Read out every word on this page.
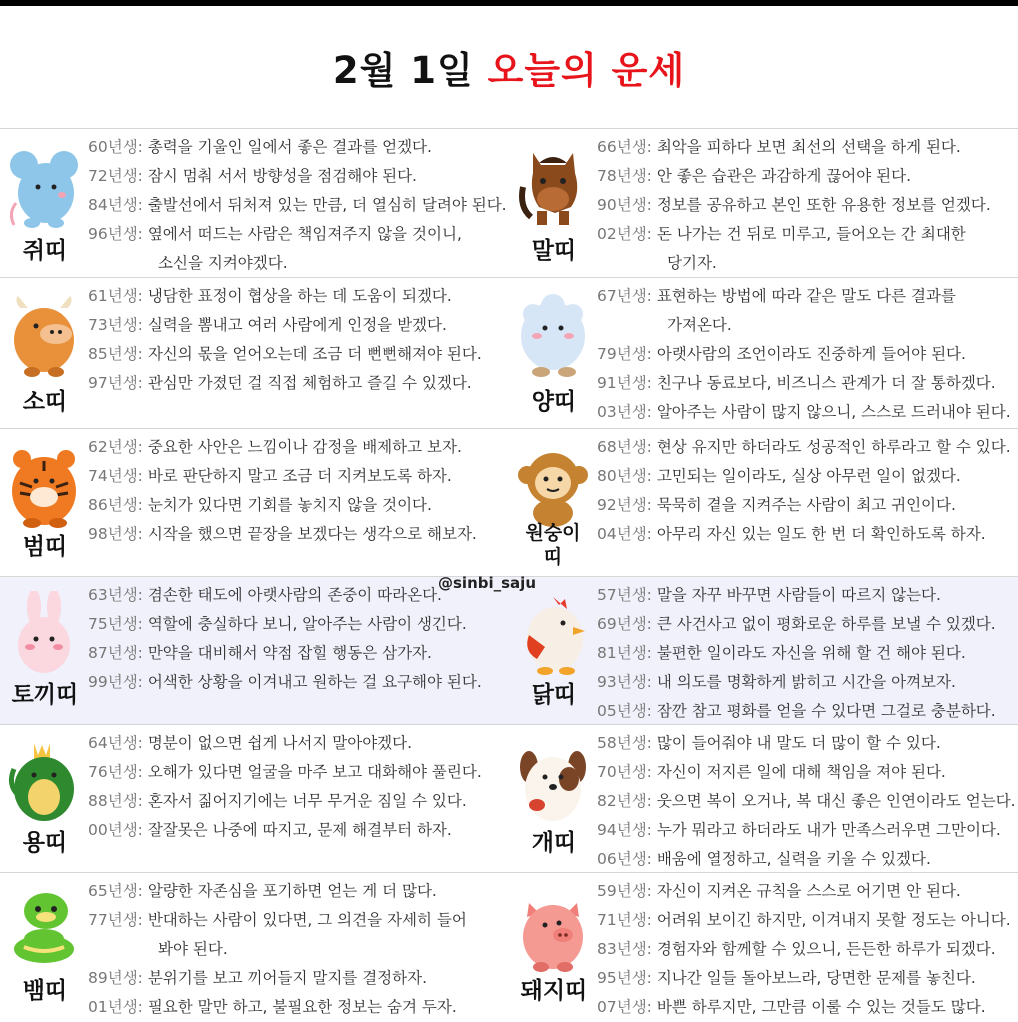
2월 1일 오늘의 운세
쥐띠
60년생: 총력을 기울인 일에서 좋은 결과를 얻겠다.
72년생: 잠시 멈춰 서서 방향성을 점검해야 된다.
84년생: 출발선에서 뒤처져 있는 만큼, 더 열심히 달려야 된다.
96년생: 옆에서 떠드는 사람은 책임져주지 않을 것이니,
소신을 지켜야겠다.	말띠
66년생: 최악을 피하다 보면 최선의 선택을 하게 된다.
78년생: 안 좋은 습관은 과감하게 끊어야 된다.
90년생: 정보를 공유하고 본인 또한 유용한 정보를 얻겠다.
02년생: 돈 나가는 건 뒤로 미루고, 들어오는 간 최대한
당기자.
소띠
61년생: 냉담한 표정이 협상을 하는 데 도움이 되겠다.
73년생: 실력을 뽐내고 여러 사람에게 인정을 받겠다.
85년생: 자신의 몫을 얻어오는데 조금 더 뻔뻔해져야 된다.
97년생: 관심만 가졌던 걸 직접 체험하고 즐길 수 있겠다.
양띠
67년생: 표현하는 방법에 따라 같은 말도 다른 결과를
가져온다.
79년생: 아랫사람의 조언이라도 진중하게 들어야 된다.
91년생: 친구나 동료보다, 비즈니스 관계가 더 잘 통하겠다.
03년생: 알아주는 사람이 많지 않으니, 스스로 드러내야 된다.
범띠
62년생: 중요한 사안은 느낌이나 감정을 배제하고 보자.
74년생: 바로 판단하지 말고 조금 더 지켜보도록 하자.
86년생: 눈치가 있다면 기회를 놓치지 않을 것이다.
98년생: 시작을 했으면 끝장을 보겠다는 생각으로 해보자.	원숭이띠
68년생: 현상 유지만 하더라도 성공적인 하루라고 할 수 있다.
80년생: 고민되는 일이라도, 실상 아무런 일이 없겠다.
92년생: 묵묵히 곁을 지켜주는 사람이 최고 귀인이다.
04년생: 아무리 자신 있는 일도 한 번 더 확인하도록 하자.
토끼띠
63년생: 겸손한 태도에 아랫사람의 존중이 따라온다.
75년생: 역할에 충실하다 보니, 알아주는 사람이 생긴다.
87년생: 만약을 대비해서 약점 잡힐 행동은 삼가자.
99년생: 어색한 상황을 이겨내고 원하는 걸 요구해야 된다.	닭띠
57년생: 말을 자꾸 바꾸면 사람들이 따르지 않는다.
69년생: 큰 사건사고 없이 평화로운 하루를 보낼 수 있겠다.
81년생: 불편한 일이라도 자신을 위해 할 건 해야 된다.
93년생: 내 의도를 명확하게 밝히고 시간을 아껴보자.
05년생: 잠깐 참고 평화를 얻을 수 있다면 그걸로 충분하다.
용띠
64년생: 명분이 없으면 쉽게 나서지 말아야겠다.
76년생: 오해가 있다면 얼굴을 마주 보고 대화해야 풀린다.
88년생: 혼자서 짊어지기에는 너무 무거운 짐일 수 있다.
00년생: 잘잘못은 나중에 따지고, 문제 해결부터 하자.	개띠
58년생: 많이 들어줘야 내 말도 더 많이 할 수 있다.
70년생: 자신이 저지른 일에 대해 책임을 져야 된다.
82년생: 웃으면 복이 오거나, 복 대신 좋은 인연이라도 얻는다.
94년생: 누가 뭐라고 하더라도 내가 만족스러우면 그만이다.
06년생: 배움에 열정하고, 실력을 키울 수 있겠다.
뱀띠
65년생: 알량한 자존심을 포기하면 얻는 게 더 많다.
77년생: 반대하는 사람이 있다면, 그 의견을 자세히 들어
봐야 된다.
89년생: 분위기를 보고 끼어들지 말지를 결정하자.
01년생: 필요한 말만 하고, 불필요한 정보는 숨겨 두자.
돼지띠
59년생: 자신이 지켜온 규칙을 스스로 어기면 안 된다.
71년생: 어려워 보이긴 하지만, 이겨내지 못할 정도는 아니다.
83년생: 경험자와 함께할 수 있으니, 든든한 하루가 되겠다.
95년생: 지나간 일들 돌아보느라, 당면한 문제를 놓친다.
07년생: 바쁜 하루지만, 그만큼 이룰 수 있는 것들도 많다.
@sinbi_saju
